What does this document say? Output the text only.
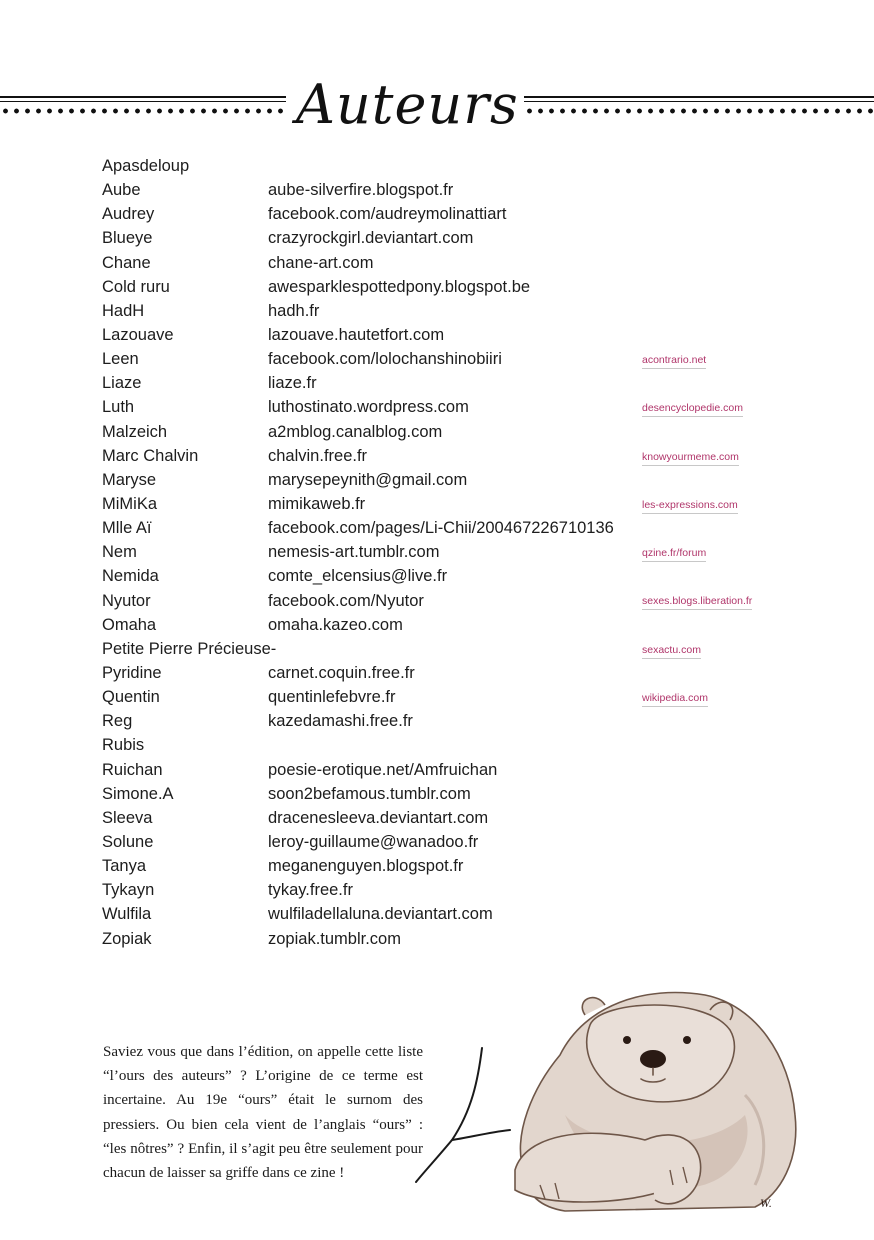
Auteurs
Apasdeloup
Aube	aube-silverfire.blogspot.fr
Audrey	facebook.com/audreymolinattiart
Blueye	crazyrockgirl.deviantart.com
Chane	chane-art.com
Cold ruru	awesparklespottedpony.blogspot.be
HadH	hadh.fr
Lazouave	lazouave.hautetfort.com
Leen	facebook.com/lolochanshinobiiri
Liaze	liaze.fr
Luth	luthostinato.wordpress.com
Malzeich	a2mblog.canalblog.com
Marc Chalvin	chalvin.free.fr
Maryse	marysepeynith@gmail.com
MiMiKa	mimikaweb.fr
Mlle Aï	facebook.com/pages/Li-Chii/200467226710136
Nem	nemesis-art.tumblr.com
Nemida	comte_elcensius@live.fr
Nyutor	facebook.com/Nyutor
Omaha	omaha.kazeo.com
Petite Pierre Précieuse-
Pyridine	carnet.coquin.free.fr
Quentin	quentinlefebvre.fr
Reg	kazedamashi.free.fr
Rubis
Ruichan	poesie-erotique.net/Amfruichan
Simone.A	soon2befamous.tumblr.com
Sleeva	dracenesleeva.deviantart.com
Solune	leroy-guillaume@wanadoo.fr
Tanya	meganenguyen.blogspot.fr
Tykayn	tykay.free.fr
Wulfila	wulfiladellaluna.deviantart.com
Zopiak	zopiak.tumblr.com
acontrario.net
desencyclopedie.com
knowyourmeme.com
les-expressions.com
qzine.fr/forum
sexes.blogs.liberation.fr
sexactu.com
wikipedia.com

Saviez vous que dans l’édition, on appelle cette liste “l’ours des auteurs” ? L’origine de ce terme est incertaine. Au 19e “ours” était le surnom des pressiers. Ou bien cela vient de l’anglais “ours” : “les nôtres” ? Enfin, il s’agit peu être seulement pour chacun de laisser sa griffe dans ce zine !

W.
